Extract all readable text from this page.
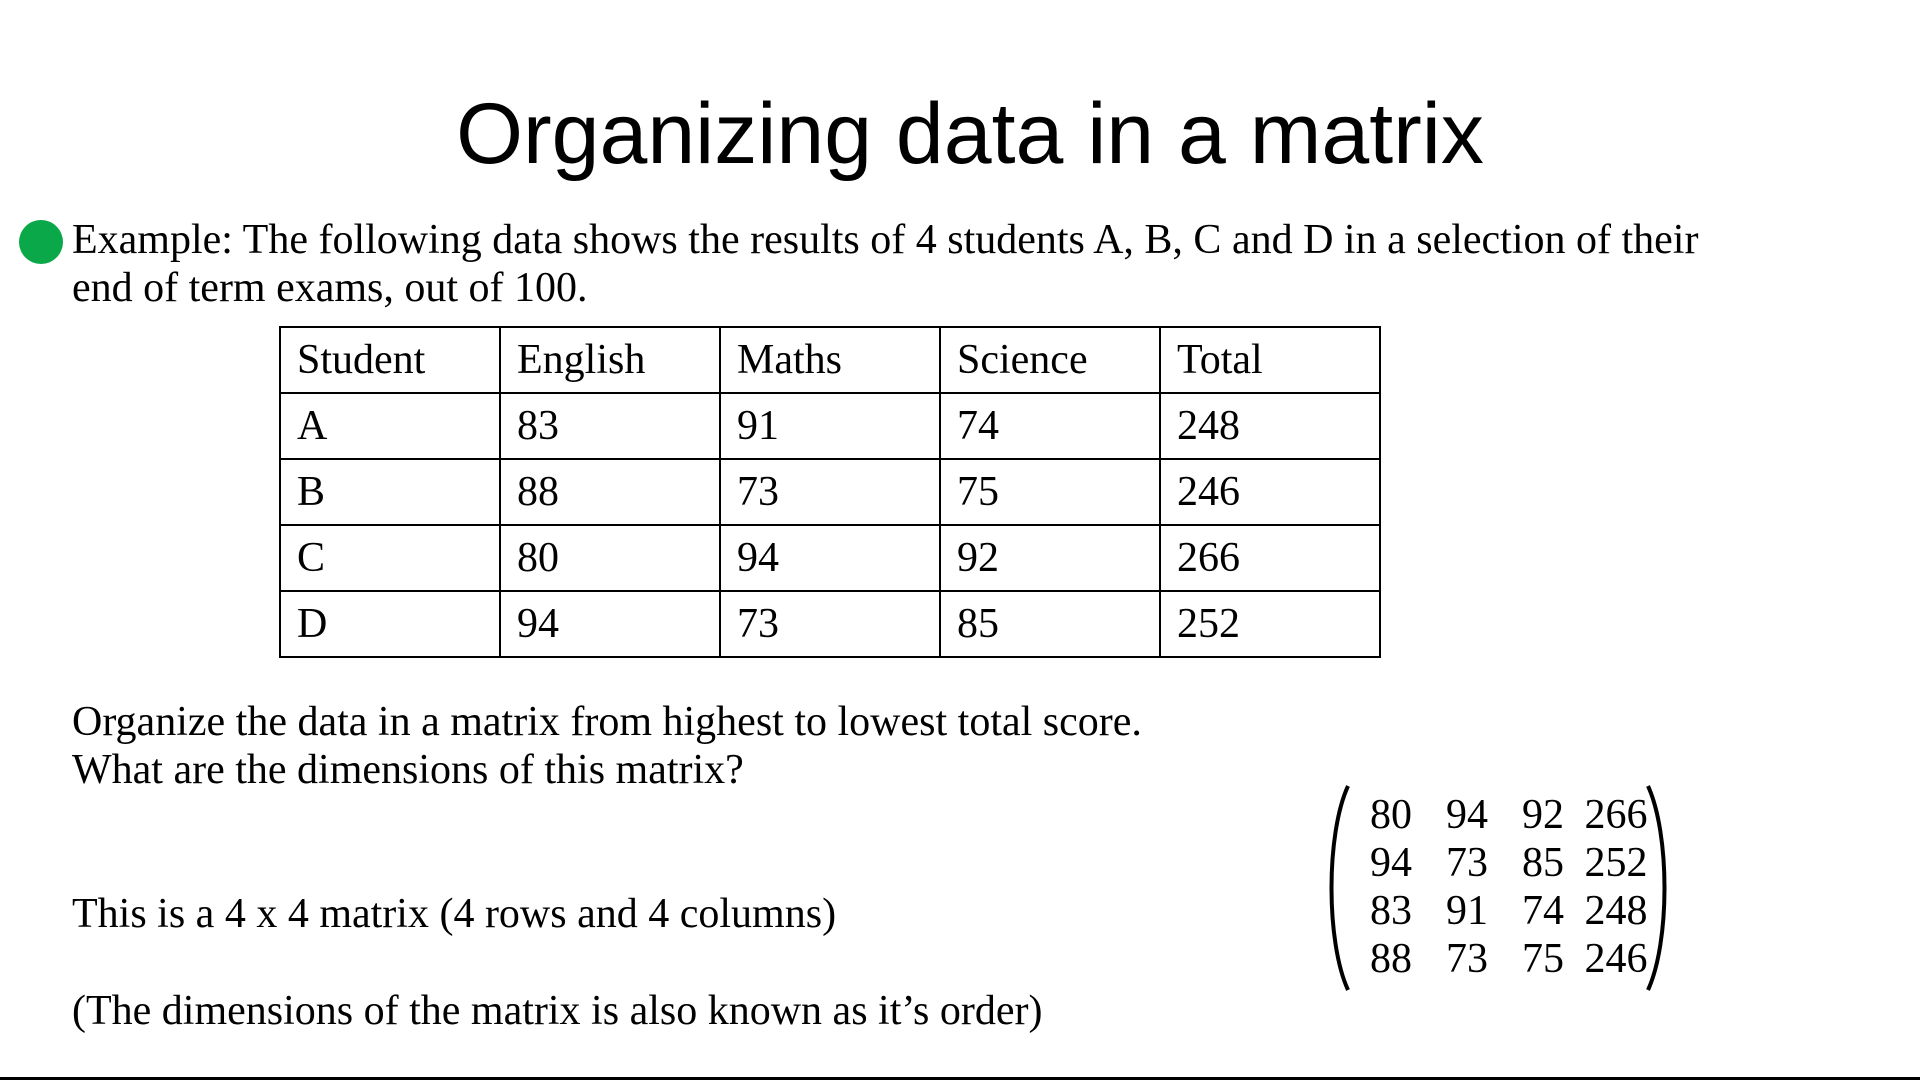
Organizing data in a matrix
Example: The following data shows the results of 4 students A, B, C and D in a selection of their
end of term exams, out of 100.
Student	English	Maths	Science	Total
A	83	91	74	248
B	88	73	75	246
C	80	94	92	266
D	94	73	85	252
Organize the data in a matrix from highest to lowest total score.
What are the dimensions of this matrix?
This is a 4 x 4 matrix (4 rows and 4 columns)
(The dimensions of the matrix is also known as it’s order)
80 94 92 266
94 73 85 252
83 91 74 248
88 73 75 246
